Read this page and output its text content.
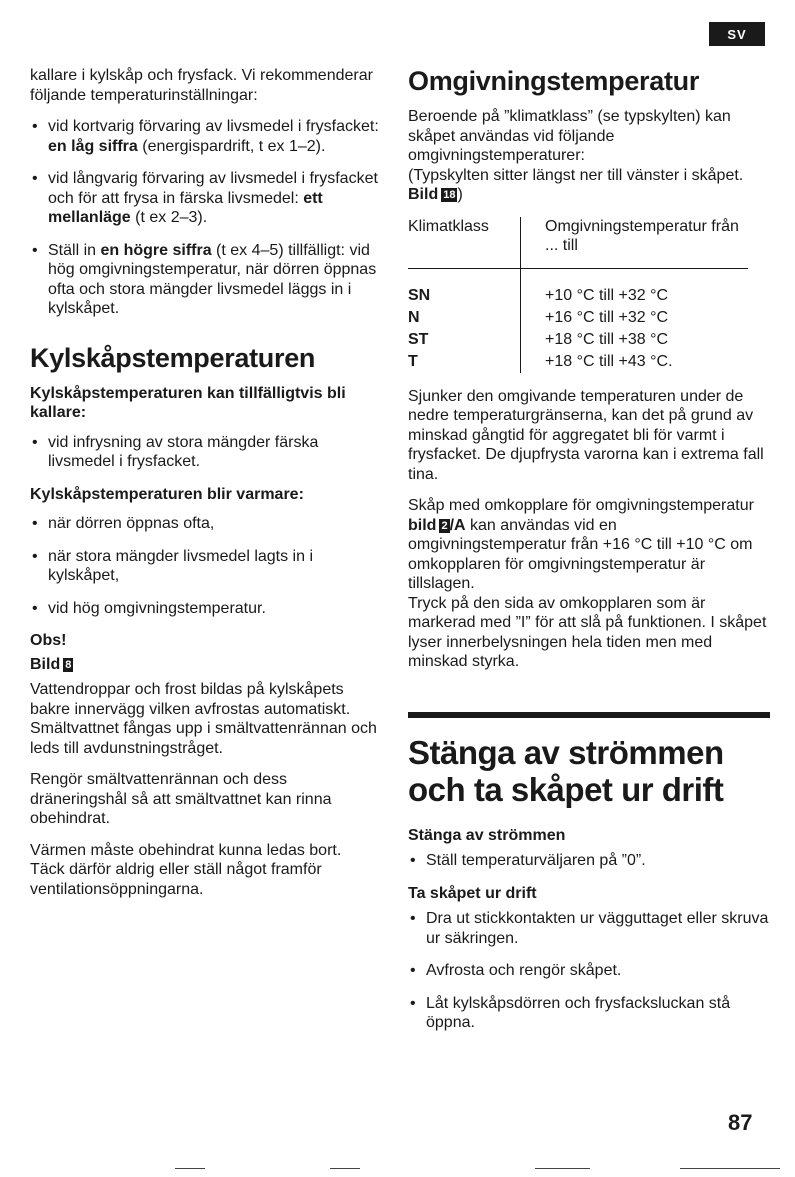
SV

kallare i kylskåp och frysfack. Vi rekommenderar följande temperaturinställningar:

• vid kortvarig förvaring av livsmedel i frysfacket: en låg siffra (energispardrift, t ex 1–2).
• vid långvarig förvaring av livsmedel i frysfacket och för att frysa in färska livsmedel: ett mellanläge (t ex 2–3).
• Ställ in en högre siffra (t ex 4–5) tillfälligt: vid hög omgivningstemperatur, när dörren öppnas ofta och stora mängder livsmedel läggs in i kylskåpet.
Kylskåpstemperaturen
Kylskåpstemperaturen kan tillfälligtvis bli kallare:
• vid infrysning av stora mängder färska livsmedel i frysfacket.
Kylskåpstemperaturen blir varmare:
• när dörren öppnas ofta,
• när stora mängder livsmedel lagts in i kylskåpet,
• vid hög omgivningstemperatur.
Obs!
Bild 8

Vattendroppar och frost bildas på kylskåpets bakre innervägg vilken avfrostas automatiskt. Smältvattnet fångas upp i smältvattenrännan och leds till avdunstningstråget.

Rengör smältvattenrännan och dess dräneringshål så att smältvattnet kan rinna obehindrat.

Värmen måste obehindrat kunna ledas bort. Täck därför aldrig eller ställ något framför ventilationsöppningarna.

Omgivningstemperatur

Beroende på ”klimatklass” (se typskylten) kan skåpet användas vid följande omgivningstemperaturer:

(Typskylten sitter längst ner till vänster i skåpet. Bild 18 )

Klimatklass	Omgivningstemperatur från ... till
SN	+10 °C till +32 °C
N	+16 °C till +32 °C
ST	+18 °C till +38 °C
T	+18 °C till +43 °C.

Sjunker den omgivande temperaturen under de nedre temperaturgränserna, kan det på grund av minskad gångtid för aggregatet bli för varmt i frysfacket. De djupfrysta varorna kan i extrema fall tina.

Skåp med omkopplare för omgivningstemperatur bild 2 /A kan användas vid en omgivningstemperatur från +16 °C till +10 °C om omkopplaren för omgivningstemperatur är tillslagen.

Tryck på den sida av omkopplaren som är markerad med ”I” för att slå på funktionen. I skåpet lyser innerbelysningen hela tiden men med minskad styrka.

Stänga av strömmen
och ta skåpet ur drift
Stänga av strömmen
• Ställ temperaturväljaren på ”0”.
Ta skåpet ur drift
• Dra ut stickkontakten ur vägguttaget eller skruva ur säkringen.
• Avfrosta och rengör skåpet.
• Låt kylskåpsdörren och frysfacksluckan stå öppna.
87
